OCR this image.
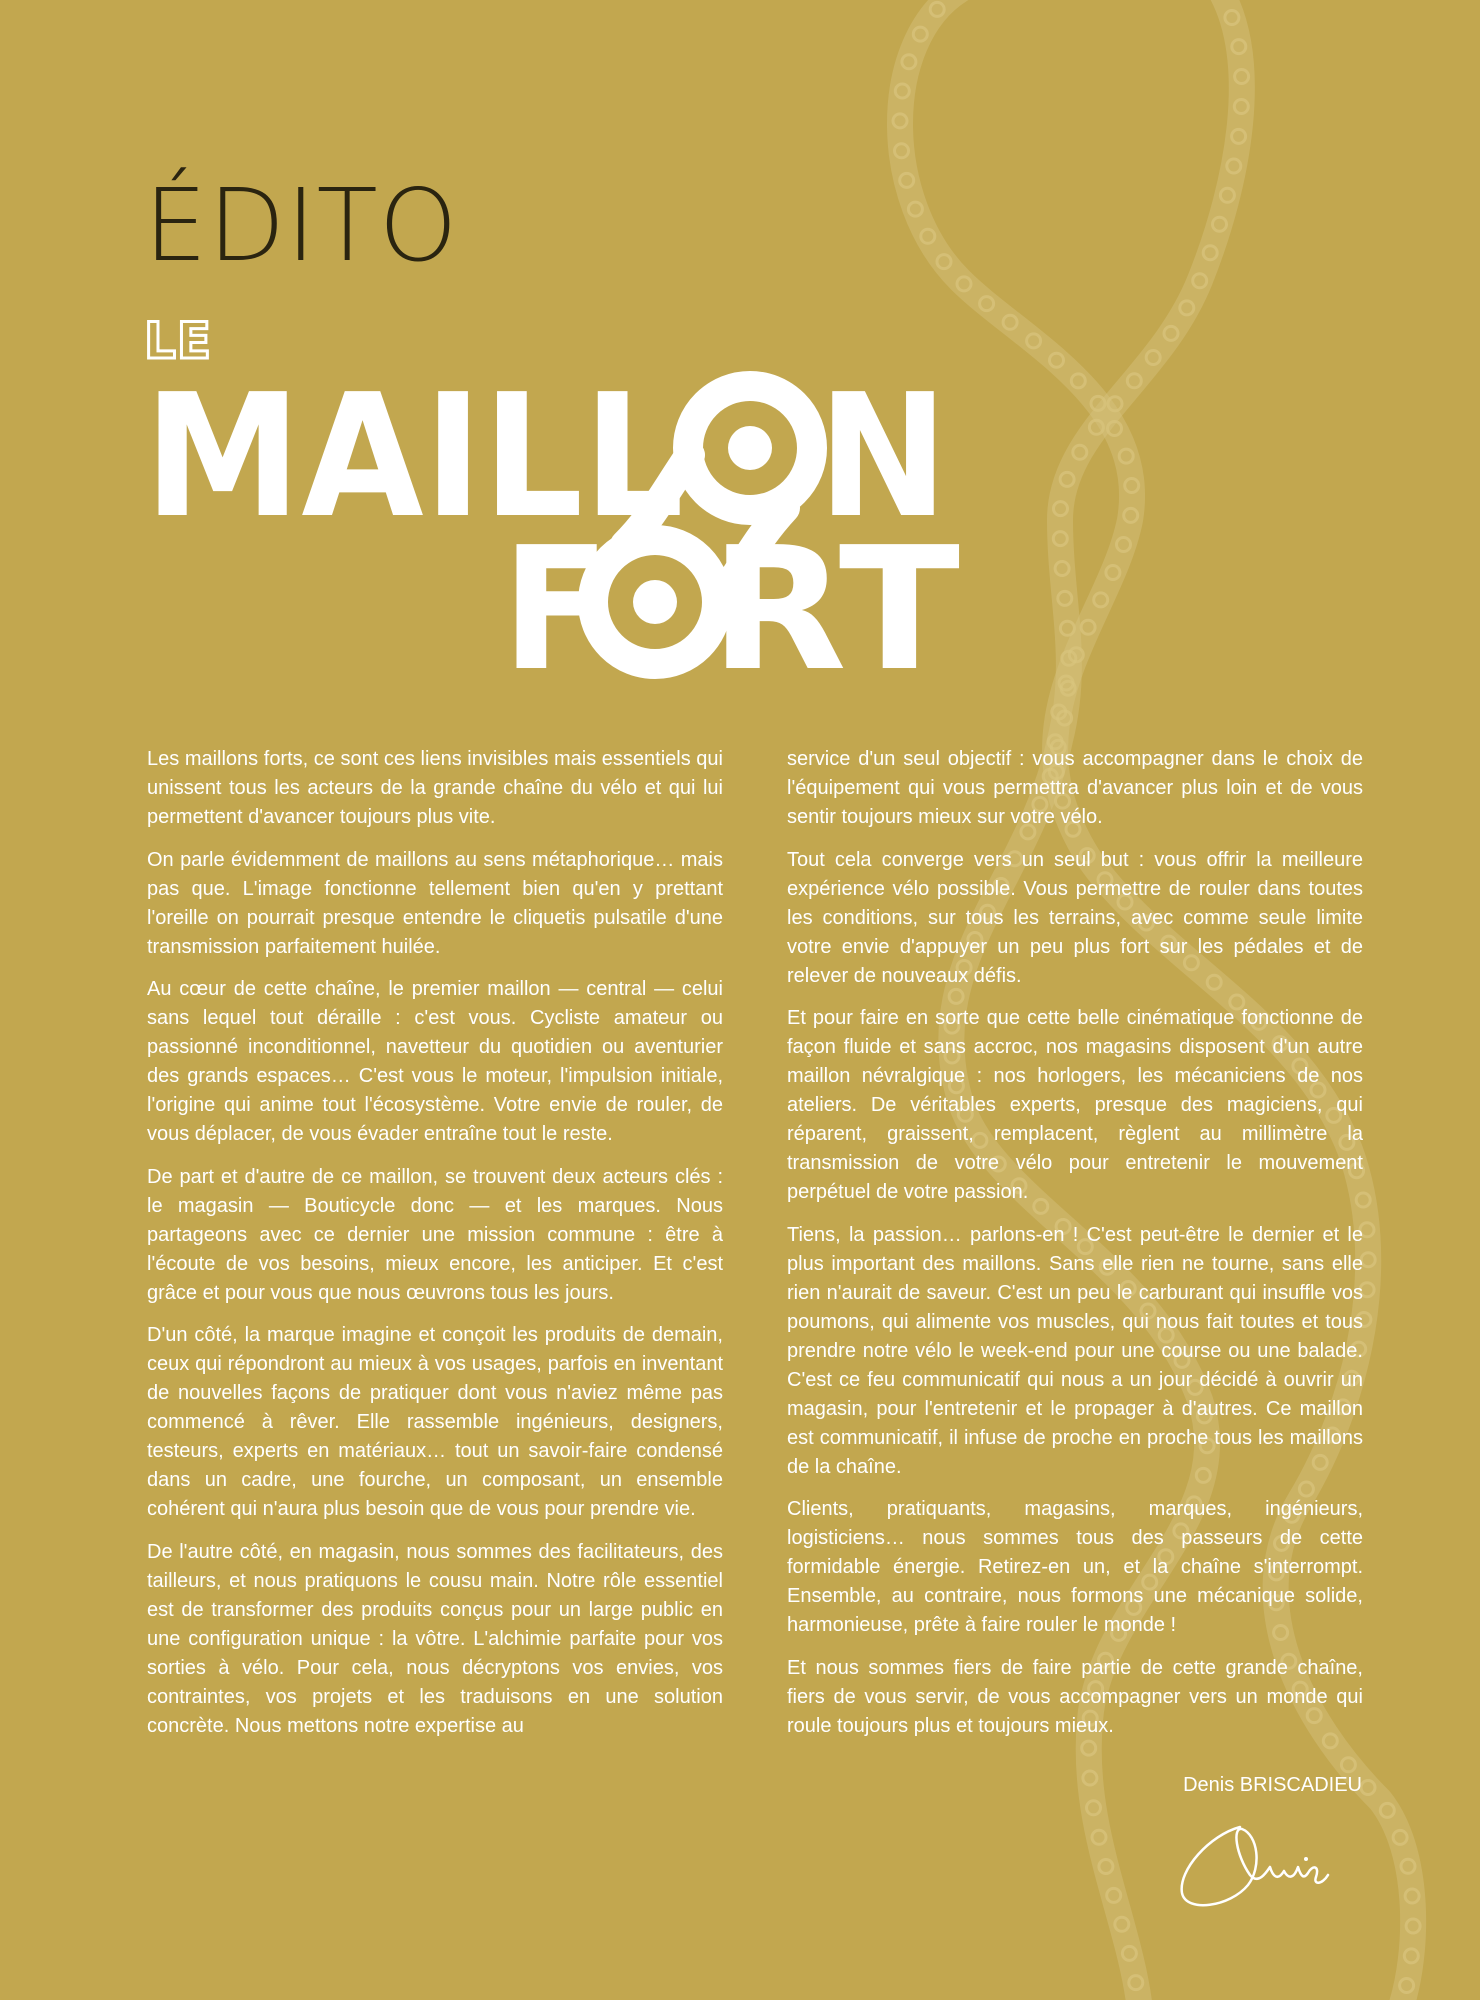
ÉDITO
LE
MAILL N
F RT

Les maillons forts, ce sont ces liens invisibles mais essentiels qui unissent tous les acteurs de la grande chaîne du vélo et qui lui permettent d'avancer toujours plus vite.

On parle évidemment de maillons au sens métaphorique… mais pas que. L'image fonctionne tellement bien qu'en y prettant l'oreille on pourrait presque entendre le cliquetis pulsatile d'une transmission parfaitement huilée.

Au cœur de cette chaîne, le premier maillon — central — celui sans lequel tout déraille : c'est vous. Cycliste amateur ou passionné inconditionnel, navetteur du quotidien ou aventurier des grands espaces… C'est vous le moteur, l'impulsion initiale, l'origine qui anime tout l'écosystème. Votre envie de rouler, de vous déplacer, de vous évader entraîne tout le reste.

De part et d'autre de ce maillon, se trouvent deux acteurs clés : le magasin — Bouticycle donc — et les marques. Nous partageons avec ce dernier une mission commune : être à l'écoute de vos besoins, mieux encore, les anticiper. Et c'est grâce et pour vous que nous œuvrons tous les jours.

D'un côté, la marque imagine et conçoit les produits de demain, ceux qui répondront au mieux à vos usages, parfois en inventant de nouvelles façons de pratiquer dont vous n'aviez même pas commencé à rêver. Elle rassemble ingénieurs, designers, testeurs, experts en matériaux… tout un savoir-faire condensé dans un cadre, une fourche, un composant, un ensemble cohérent qui n'aura plus besoin que de vous pour prendre vie.

De l'autre côté, en magasin, nous sommes des facilitateurs, des tailleurs, et nous pratiquons le cousu main. Notre rôle essentiel est de transformer des produits conçus pour un large public en une configuration unique : la vôtre. L'alchimie parfaite pour vos sorties à vélo. Pour cela, nous décryptons vos envies, vos contraintes, vos projets et les traduisons en une solution concrète. Nous mettons notre expertise au

service d'un seul objectif : vous accompagner dans le choix de l'équipement qui vous permettra d'avancer plus loin et de vous sentir toujours mieux sur votre vélo.

Tout cela converge vers un seul but : vous offrir la meilleure expérience vélo possible. Vous permettre de rouler dans toutes les conditions, sur tous les terrains, avec comme seule limite votre envie d'appuyer un peu plus fort sur les pédales et de relever de nouveaux défis.

Et pour faire en sorte que cette belle cinématique fonctionne de façon fluide et sans accroc, nos magasins disposent d'un autre maillon névralgique : nos horlogers, les mécaniciens de nos ateliers. De véritables experts, presque des magiciens, qui réparent, graissent, remplacent, règlent au millimètre la transmission de votre vélo pour entretenir le mouvement perpétuel de votre passion.

Tiens, la passion… parlons-en ! C'est peut-être le dernier et le plus important des maillons. Sans elle rien ne tourne, sans elle rien n'aurait de saveur. C'est un peu le carburant qui insuffle vos poumons, qui alimente vos muscles, qui nous fait toutes et tous prendre notre vélo le week-end pour une course ou une balade. C'est ce feu communicatif qui nous a un jour décidé à ouvrir un magasin, pour l'entretenir et le propager à d'autres. Ce maillon est communicatif, il infuse de proche en proche tous les maillons de la chaîne.

Clients, pratiquants, magasins, marques, ingénieurs, logisticiens… nous sommes tous des passeurs de cette formidable énergie. Retirez-en un, et la chaîne s'interrompt. Ensemble, au contraire, nous formons une mécanique solide, harmonieuse, prête à faire rouler le monde !

Et nous sommes fiers de faire partie de cette grande chaîne, fiers de vous servir, de vous accompagner vers un monde qui roule toujours plus et toujours mieux.

Denis BRISCADIEU
